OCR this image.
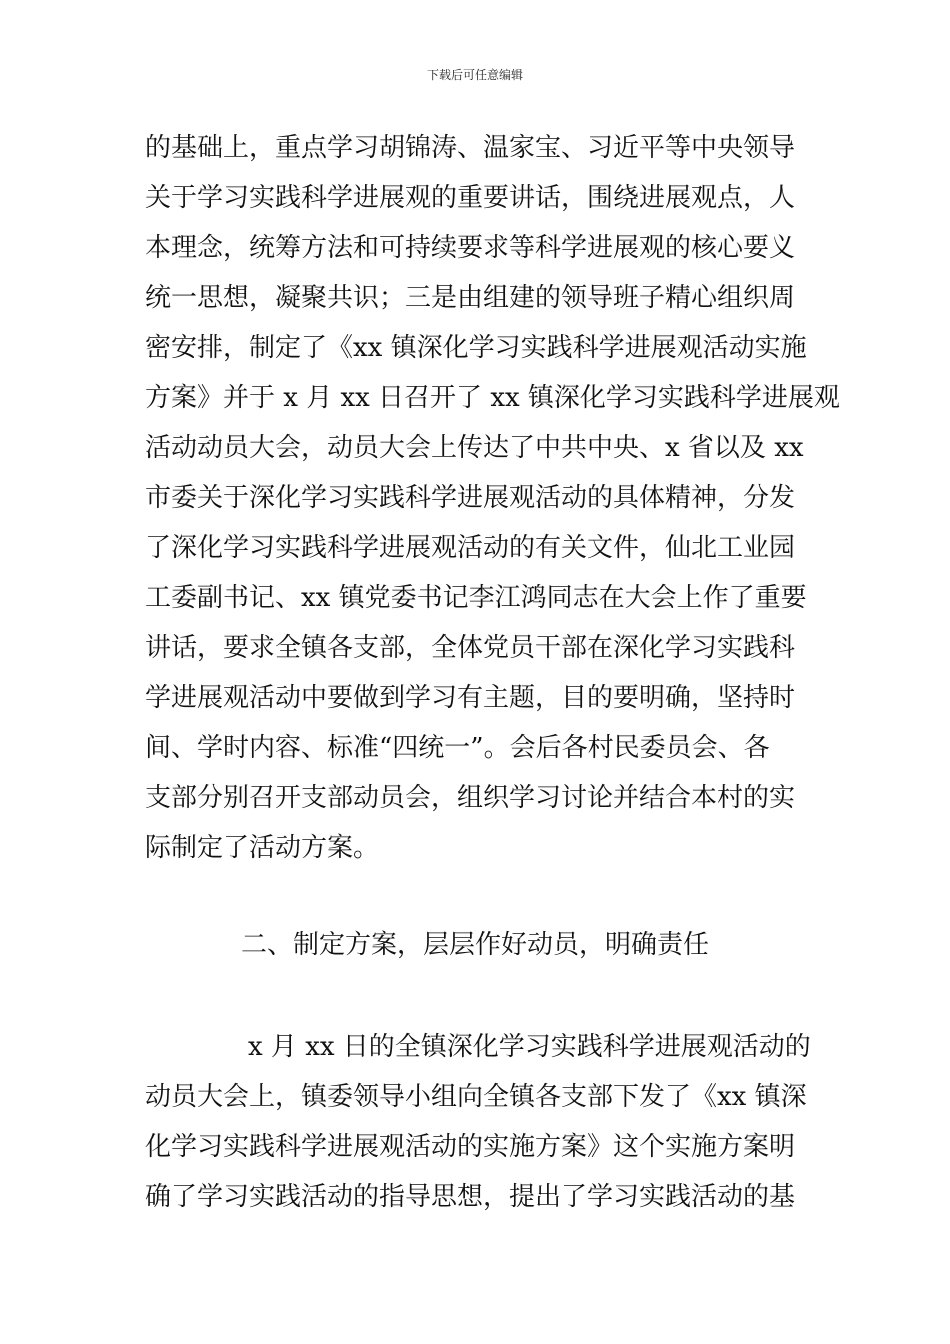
下载后可任意编辑
的基础上，重点学习胡锦涛、温家宝、习近平等中央领导
关于学习实践科学进展观的重要讲话，围绕进展观点，人
本理念，统筹方法和可持续要求等科学进展观的核心要义
统一思想，凝聚共识；三是由组建的领导班子精心组织周
密安排，制定了《xx 镇深化学习实践科学进展观活动实施
方案》并于 x 月 xx 日召开了 xx 镇深化学习实践科学进展观
活动动员大会，动员大会上传达了中共中央、x 省以及 xx
市委关于深化学习实践科学进展观活动的具体精神，分发
了深化学习实践科学进展观活动的有关文件，仙北工业园
工委副书记、xx 镇党委书记李江鸿同志在大会上作了重要
讲话，要求全镇各支部，全体党员干部在深化学习实践科
学进展观活动中要做到学习有主题，目的要明确，坚持时
间、学时内容、标准“四统一”。会后各村民委员会、各
支部分别召开支部动员会，组织学习讨论并结合本村的实
际制定了活动方案。
二、制定方案，层层作好动员，明确责任
x 月 xx 日的全镇深化学习实践科学进展观活动的
动员大会上，镇委领导小组向全镇各支部下发了《xx 镇深
化学习实践科学进展观活动的实施方案》这个实施方案明
确了学习实践活动的指导思想，提出了学习实践活动的基
